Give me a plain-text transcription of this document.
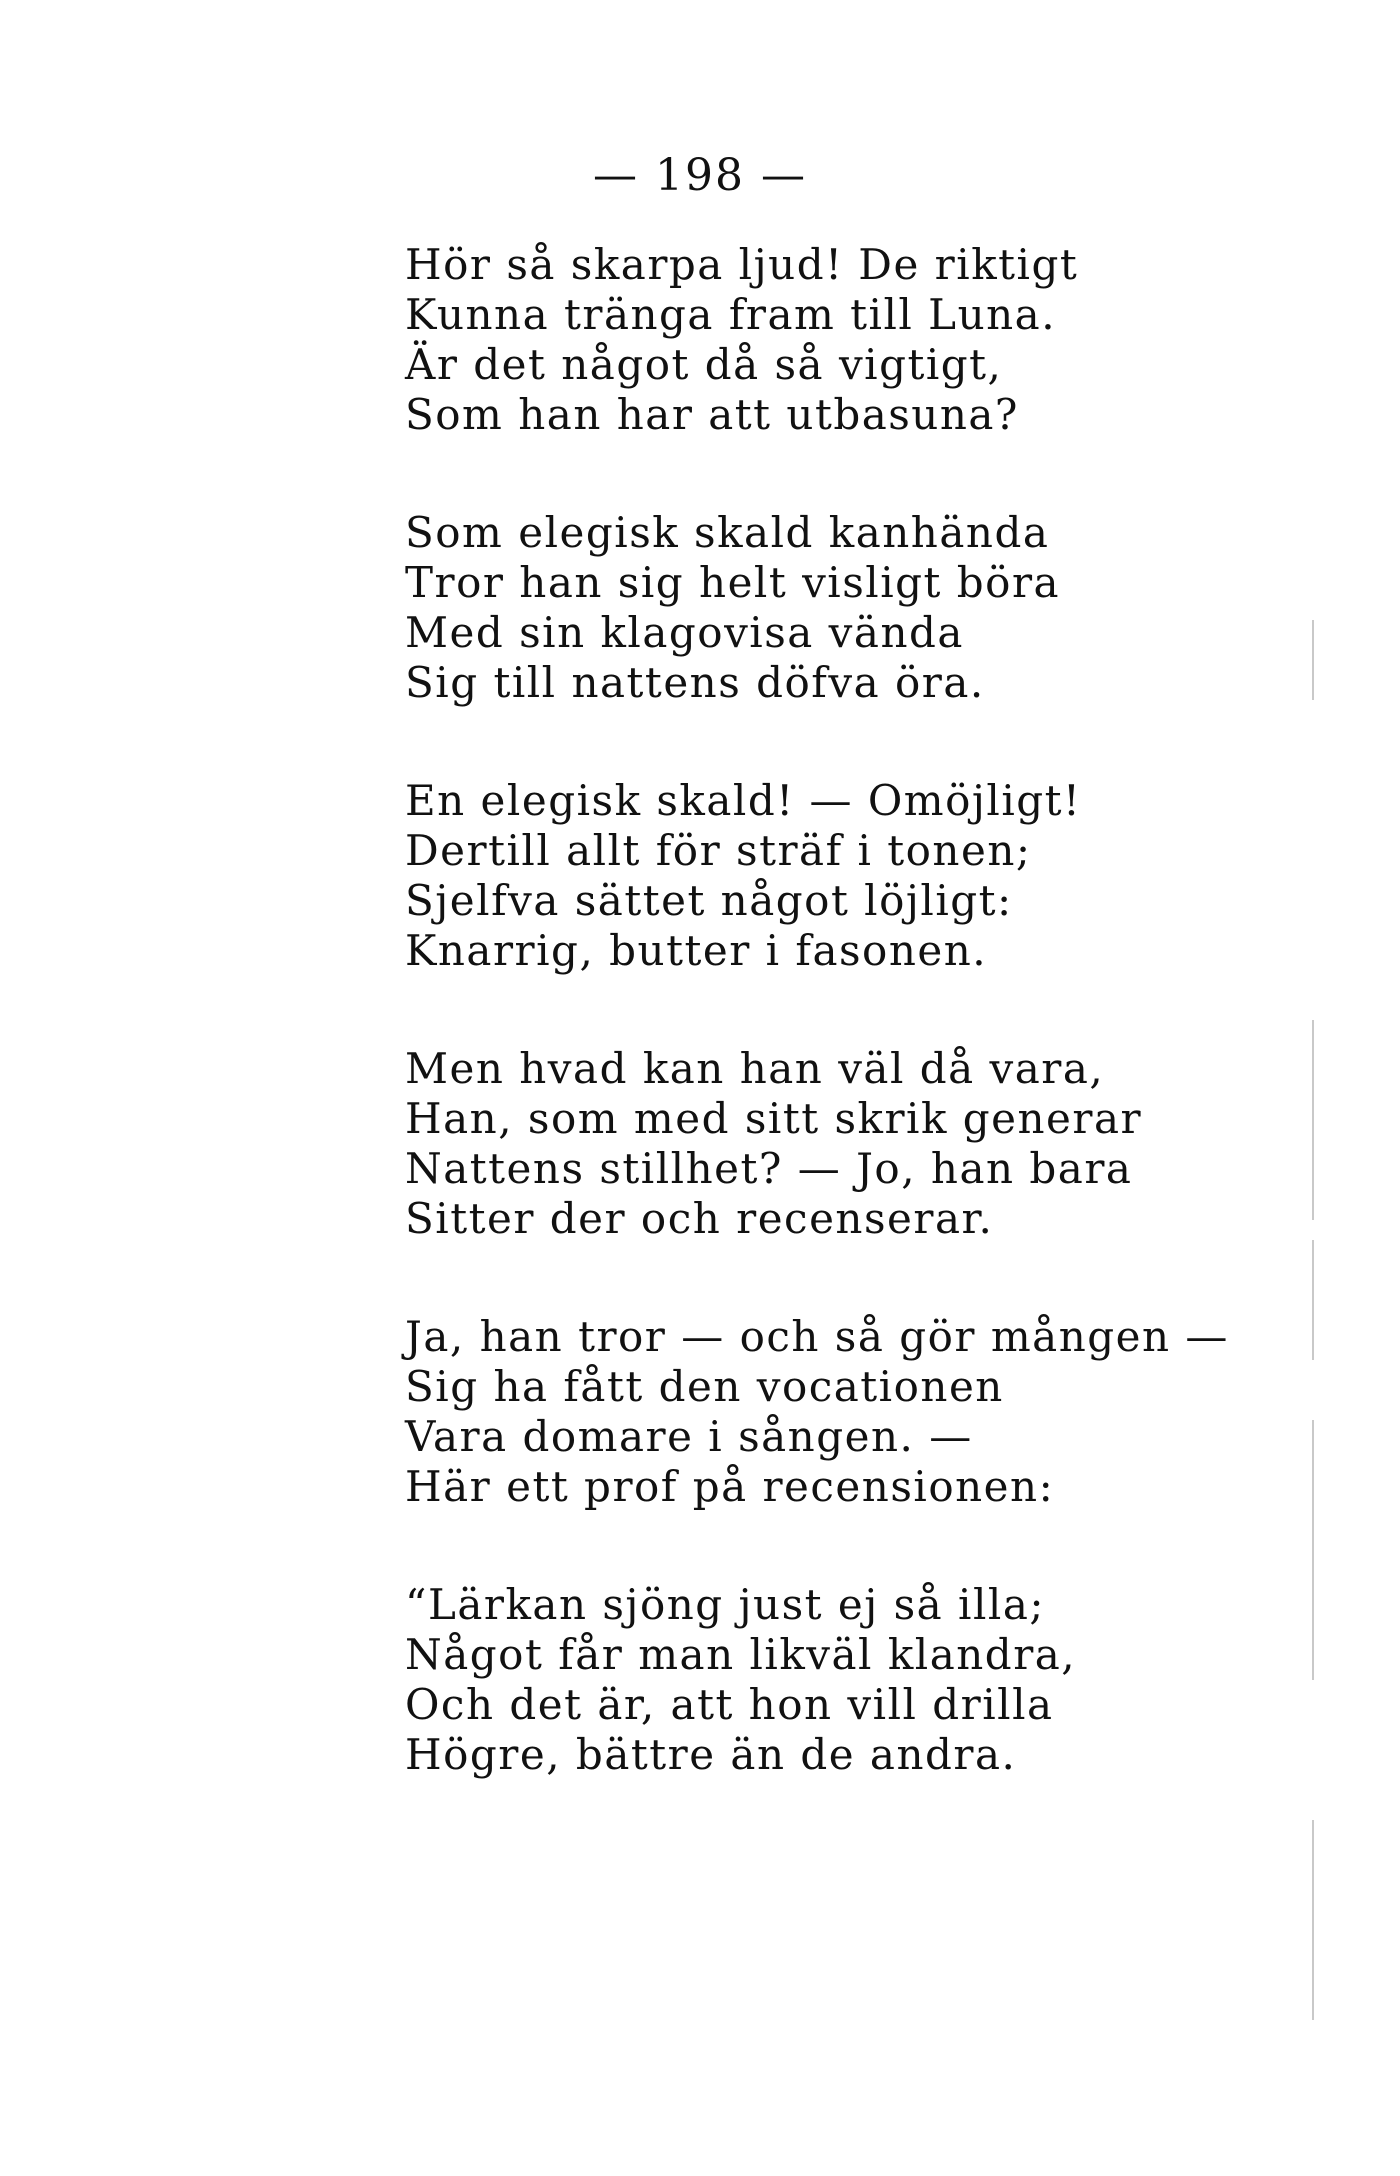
— 198 —
Hör så skarpa ljud! De riktigt
Kunna tränga fram till Luna.
Är det något då så vigtigt,
Som han har att utbasuna?
Som elegisk skald kanhända
Tror han sig helt visligt böra
Med sin klagovisa vända
Sig till nattens döfva öra.
En elegisk skald! — Omöjligt!
Dertill allt för sträf i tonen;
Sjelfva sättet något löjligt:
Knarrig, butter i fasonen.
Men hvad kan han väl då vara,
Han, som med sitt skrik generar
Nattens stillhet? — Jo, han bara
Sitter der och recenserar.
Ja, han tror — och så gör mången —
Sig ha fått den vocationen
Vara domare i sången. —
Här ett prof på recensionen:
“Lärkan sjöng just ej så illa;
Något får man likväl klandra,
Och det är, att hon vill drilla
Högre, bättre än de andra.
